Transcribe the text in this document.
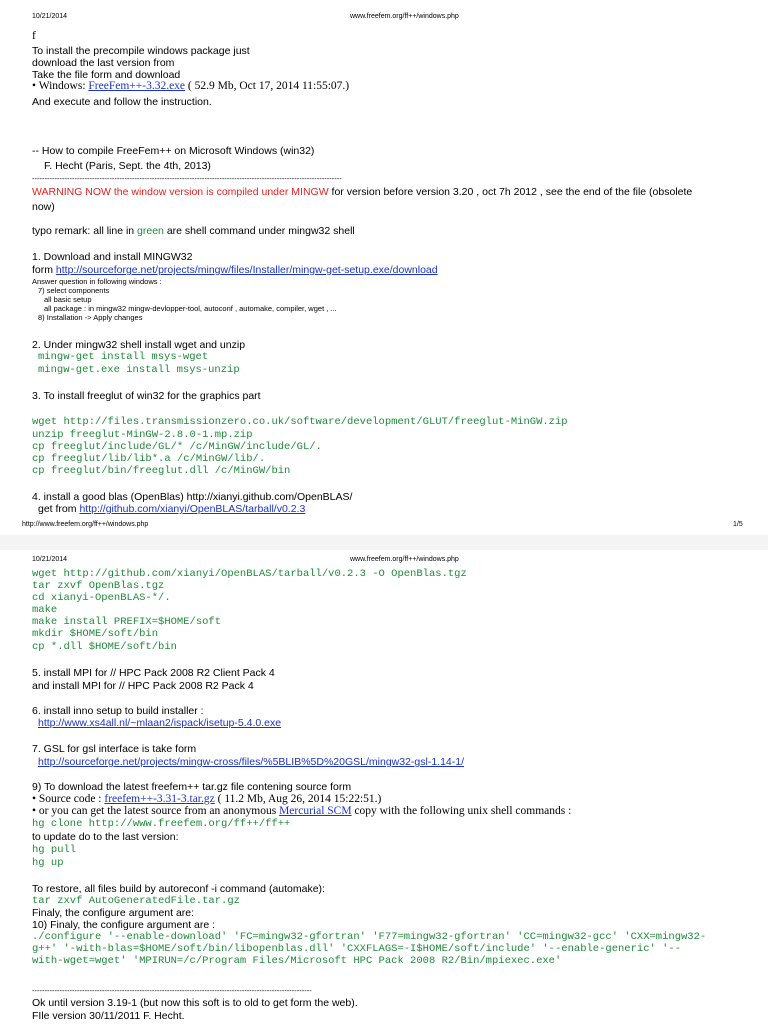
10/21/2014	www.freefem.org/ff++/windows.php
f
To install the precompile windows package just
download the last version from
Take the file form and download
• Windows: FreeFem++-3.32.exe ( 52.9 Mb, Oct 17, 2014 11:55:07.)
And execute and follow the instruction.
-- How to compile FreeFem++ on Microsoft Windows (win32)
F. Hecht (Paris, Sept. the 4th, 2013)
----------------------------------------------------------------------------------------------------------------------------
WARNING NOW the window version is compiled under MINGW for version before version 3.20 , oct 7h 2012 , see the end of the file (obsolete
now)
typo remark: all line in green are shell command under mingw32 shell
1. Download and install MINGW32
form http://sourceforge.net/projects/mingw/files/Installer/mingw-get-setup.exe/download
Answer question in following windows :
7) select components
all basic setup
all package : in mingw32 mingw-devlopper-tool, autoconf , automake, compiler, wget , ...
8) Installation -> Apply changes
2. Under mingw32 shell install wget and unzip
mingw-get install msys-wget
mingw-get.exe install msys-unzip
3. To install freeglut of win32 for the graphics part
wget http://files.transmissionzero.co.uk/software/development/GLUT/freeglut-MinGW.zip
unzip freeglut-MinGW-2.8.0-1.mp.zip
cp freeglut/include/GL/* /c/MinGW/include/GL/.
cp freeglut/lib/lib*.a /c/MinGW/lib/.
cp freeglut/bin/freeglut.dll /c/MinGW/bin
4. install a good blas (OpenBlas) http://xianyi.github.com/OpenBLAS/
get from http://github.com/xianyi/OpenBLAS/tarball/v0.2.3
http://www.freefem.org/ff++/windows.php	1/5
10/21/2014	www.freefem.org/ff++/windows.php
wget http://github.com/xianyi/OpenBLAS/tarball/v0.2.3 -O OpenBlas.tgz
tar zxvf OpenBlas.tgz
cd xianyi-OpenBLAS-*/.
make
make install PREFIX=$HOME/soft
mkdir $HOME/soft/bin
cp *.dll $HOME/soft/bin
5. install MPI for // HPC Pack 2008 R2 Client Pack 4
and install MPI for // HPC Pack 2008 R2 Pack 4
6. install inno setup to build installer :
http://www.xs4all.nl/~mlaan2/ispack/isetup-5.4.0.exe
7. GSL for gsl interface is take form
http://sourceforge.net/projects/mingw-cross/files/%5BLIB%5D%20GSL/mingw32-gsl-1.14-1/
9) To download the latest freefem++ tar.gz file contening source form
• Source code : freefem++-3.31-3.tar.gz ( 11.2 Mb, Aug 26, 2014 15:22:51.)
• or you can get the latest source from an anonymous Mercurial SCM copy with the following unix shell commands :
hg clone http://www.freefem.org/ff++/ff++
to update do to the last version:
hg pull
hg up
To restore, all files build by autoreconf -i command (automake):
tar zxvf AutoGeneratedFile.tar.gz
Finaly, the configure argument are:
10) Finaly, the configure argument are :
./configure '--enable-download' 'FC=mingw32-gfortran' 'F77=mingw32-gfortran' 'CC=mingw32-gcc' 'CXX=mingw32-
g++' '-with-blas=$HOME/soft/bin/libopenblas.dll' 'CXXFLAGS=-I$HOME/soft/include' '--enable-generic' '--
with-wget=wget' 'MPIRUN=/c/Program Files/Microsoft HPC Pack 2008 R2/Bin/mpiexec.exe'
----------------------------------------------------------------------------------------------------------------
Ok until version 3.19-1 (but now this soft is to old to get form the web).
FIle version 30/11/2011 F. Hecht.
